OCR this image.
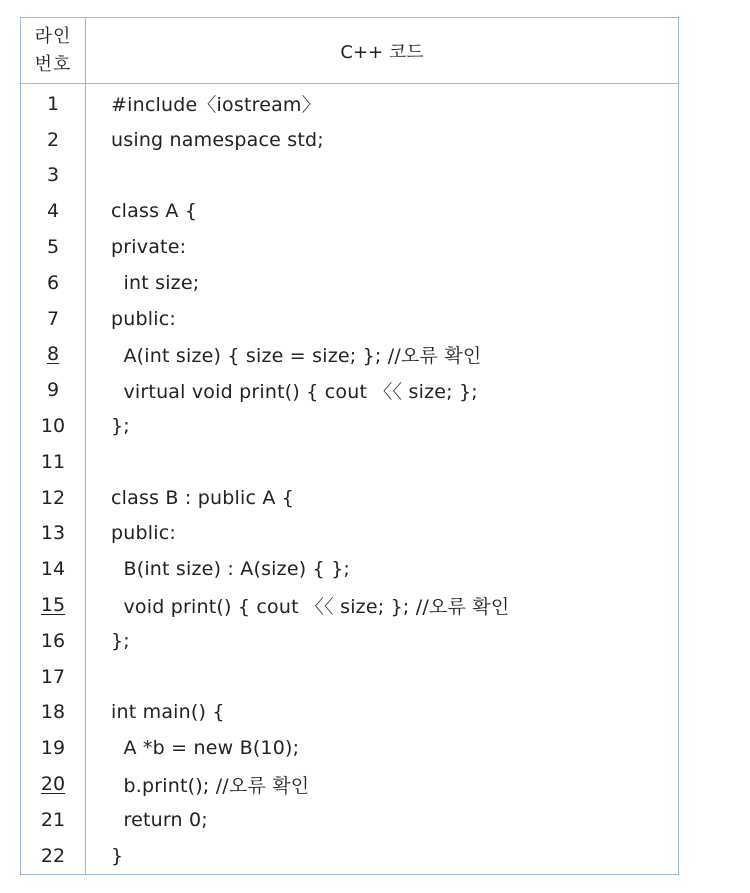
라인
번호
C++ 코드
1	#include〈iostream〉
2	using namespace std;
3
4	class A {
5	private:
6	int size;
7	public:
8	A(int size) { size = size; }; //오류 확인
9	virtual void print() { cout 〈〈 size; };
10 };
11
12 class B : public A {
13 public:
14 B(int size) : A(size) { };
15 void print() { cout 〈〈 size; }; //오류 확인
16 };
17
18 int main() {
19 A *b = new B(10);
20 b.print(); //오류 확인
21 return 0;
22 }
